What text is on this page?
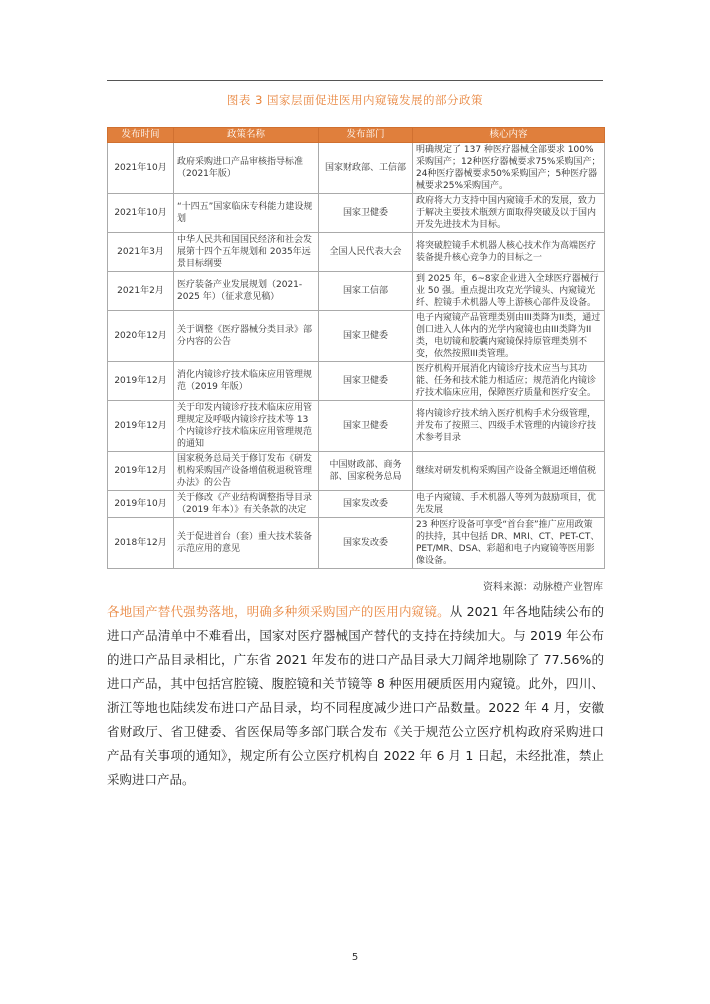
图表 3 国家层面促进医用内窥镜发展的部分政策
发布时间	政策名称	发布部门	核心内容
2021年10月	政府采购进口产品审核指导标准（2021年版）	国家财政部、工信部	明确规定了 137 种医疗器械全部要求 100%采购国产；12种医疗器械要求75%采购国产；24种医疗器械要求50%采购国产；5种医疗器械要求25%采购国产。
2021年10月	“十四五”国家临床专科能力建设规划	国家卫健委	政府将大力支持中国内窥镜手术的发展，致力于解决主要技术瓶颈方面取得突破及以于国内开发先进技术为目标。
2021年3月	中华人民共和国国民经济和社会发展第十四个五年规划和 2035年远景目标纲要	全国人民代表大会	将突破腔镜手术机器人核心技术作为高端医疗装备提升核心竞争力的目标之一
2021年2月	医疗装备产业发展规划（2021-2025 年）（征求意见稿）	国家工信部	到 2025 年，6~8家企业进入全球医疗器械行业 50 强。重点提出攻克光学镜头、内窥镜光纤、腔镜手术机器人等上游核心部件及设备。
2020年12月	关于调整《医疗器械分类目录》部分内容的公告	国家卫健委	电子内窥镜产品管理类别由III类降为II类，通过创口进入人体内的光学内窥镜也由III类降为II类，电切镜和胶囊内窥镜保持原管理类别不变，依然按照III类管理。
2019年12月	消化内镜诊疗技术临床应用管理规范（2019 年版）	国家卫健委	医疗机构开展消化内镜诊疗技术应当与其功能、任务和技术能力相适应；规范消化内镜诊疗技术临床应用，保障医疗质量和医疗安全。
2019年12月	关于印发内镜诊疗技术临床应用管理规定及呼吸内镜诊疗技术等 13 个内镜诊疗技术临床应用管理规范的通知	国家卫健委	将内镜诊疗技术纳入医疗机构手术分级管理，并发布了按照三、四级手术管理的内镜诊疗技术参考目录
2019年12月	国家税务总局关于修订发布《研发机构采购国产设备增值税退税管理办法》的公告	中国财政部、商务部、国家税务总局	继续对研发机构采购国产设备全额退还增值税
2019年10月	关于修改《产业结构调整指导目录（2019 年本）》有关条款的决定	国家发改委	电子内窥镜、手术机器人等列为鼓励项目，优先发展
2018年12月	关于促进首台（套）重大技术装备示范应用的意见	国家发改委	23 种医疗设备可享受“首台套”推广应用政策的扶持，其中包括 DR、MRI、CT、PET-CT、PET/MR、DSA、彩超和电子内窥镜等医用影像设备。
资料来源：动脉橙产业智库
各地国产替代强势落地，明确多种须采购国产的医用内窥镜。从 2021 年各地陆续公布的进口产品清单中不难看出，国家对医疗器械国产替代的支持在持续加大。与 2019 年公布的进口产品目录相比，广东省 2021 年发布的进口产品目录大刀阔斧地剔除了 77.56%的进口产品，其中包括宫腔镜、腹腔镜和关节镜等 8 种医用硬质医用内窥镜。此外，四川、浙江等地也陆续发布进口产品目录，均不同程度减少进口产品数量。2022 年 4 月，安徽省财政厅、省卫健委、省医保局等多部门联合发布《关于规范公立医疗机构政府采购进口产品有关事项的通知》，规定所有公立医疗机构自 2022 年 6 月 1 日起，未经批准，禁止采购进口产品。
5
